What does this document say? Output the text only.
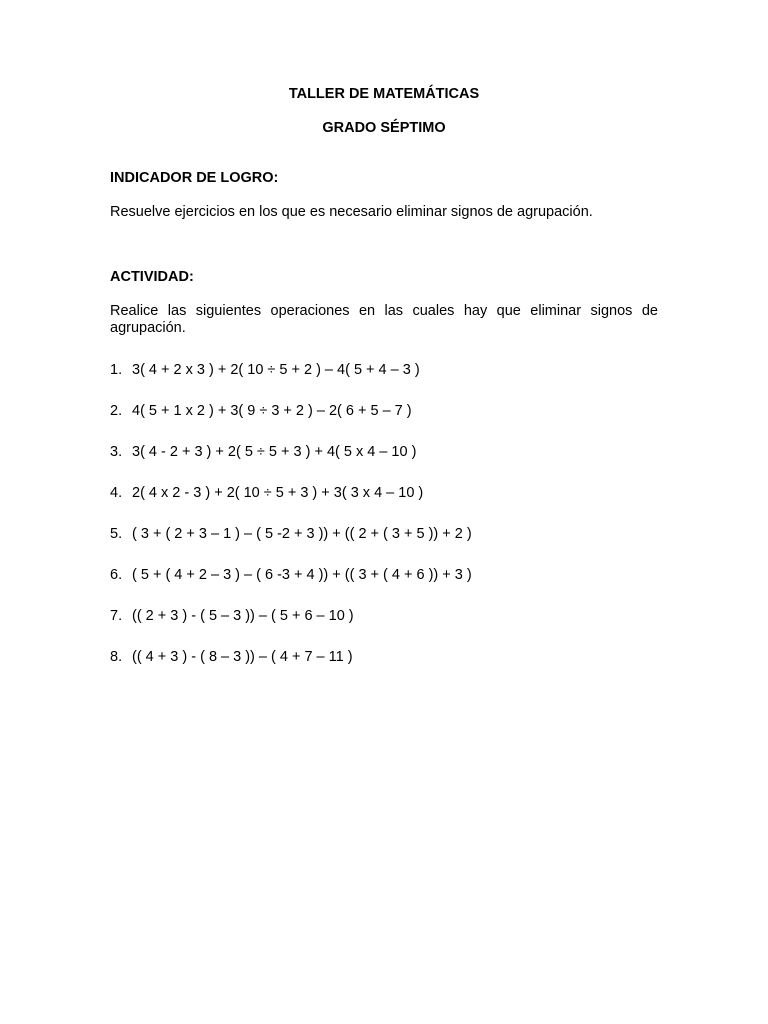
TALLER DE MATEMÁTICAS
GRADO SÉPTIMO
INDICADOR DE LOGRO:
Resuelve ejercicios en los que es necesario eliminar signos de agrupación.
ACTIVIDAD:
Realice las siguientes operaciones en las cuales hay que eliminar signos de agrupación.
1. 3( 4 + 2 x 3 ) + 2( 10 ÷ 5 + 2 ) – 4( 5 + 4 – 3 )
2. 4( 5 + 1 x 2 ) + 3( 9 ÷ 3 + 2 ) – 2( 6 + 5 – 7 )
3. 3( 4 - 2 + 3 ) + 2( 5 ÷ 5 + 3 ) + 4( 5 x 4 – 10 )
4. 2( 4 x 2 - 3 ) + 2( 10 ÷ 5 + 3 ) + 3( 3 x 4 – 10 )
5. ( 3 + ( 2 + 3 – 1 ) – ( 5 -2 + 3 )) + (( 2 + ( 3 + 5 )) + 2 )
6. ( 5 + ( 4 + 2 – 3 ) – ( 6 -3 + 4 )) + (( 3 + ( 4 + 6 )) + 3 )
7. (( 2 + 3 ) - ( 5 – 3 )) – ( 5 + 6 – 10 )
8. (( 4 + 3 ) - ( 8 – 3 )) – ( 4 + 7 – 11 )
